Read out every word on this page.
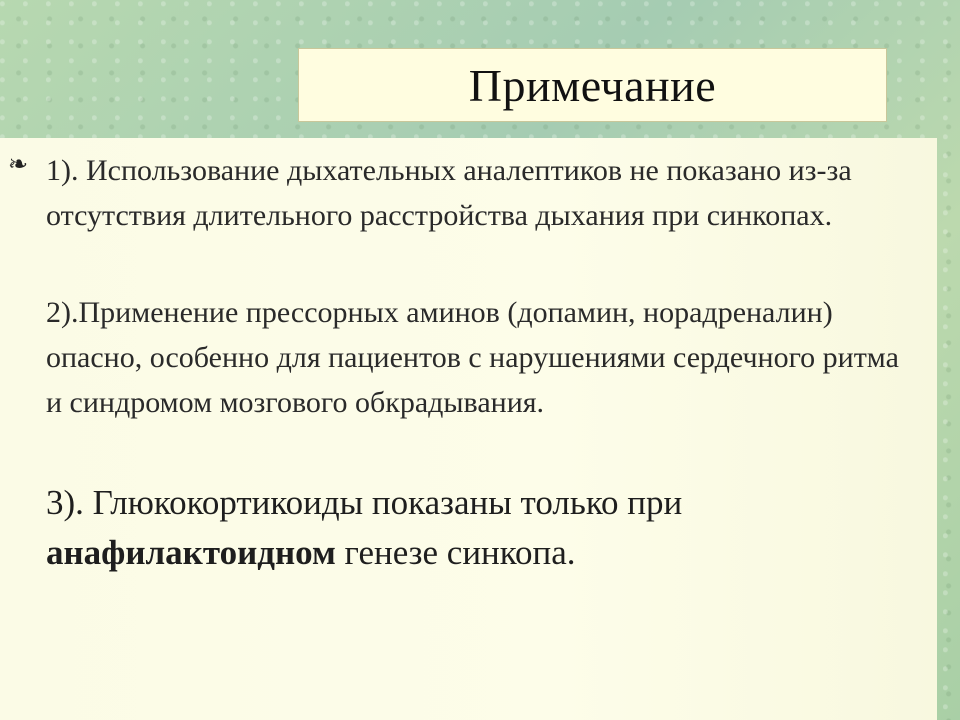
Примечание
❧ 1). Использование дыхательных аналептиков не показано из-за отсутствия длительного расстройства дыхания при синкопах.
2).Применение прессорных аминов (допамин, норадреналин) опасно, особенно для пациентов с нарушениями сердечного ритма и синдромом мозгового обкрадывания.
3). Глюкокортикоиды показаны только при анафилактоидном генезе синкопа.
